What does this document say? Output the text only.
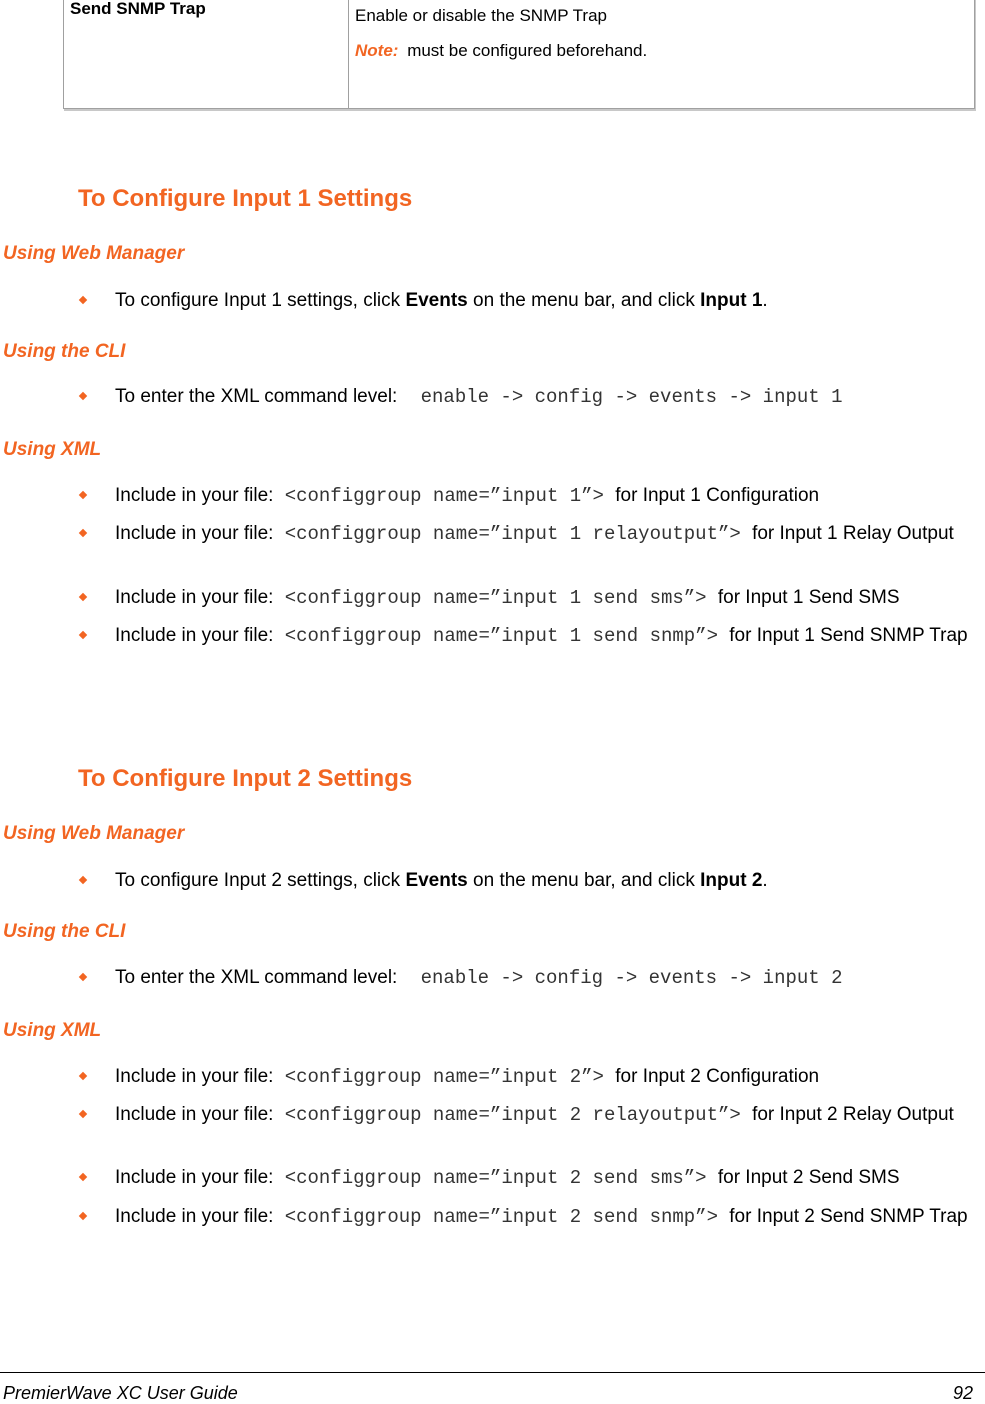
Send SNMP Trap	Enable or disable the SNMP Trap
Note: must be configured beforehand.
To Configure Input 1 Settings
Using Web Manager
To configure Input 1 settings, click Events on the menu bar, and click Input 1.
Using the CLI
To enter the XML command level: enable -> config -> events -> input 1
Using XML
Include in your file: <configgroup name=”input 1”> for Input 1 Configuration
Include in your file: <configgroup name=”input 1 relayoutput”> for Input 1 Relay Output
Include in your file: <configgroup name=”input 1 send sms”> for Input 1 Send SMS
Include in your file: <configgroup name=”input 1 send snmp”> for Input 1 Send SNMP Trap
To Configure Input 2 Settings
Using Web Manager
To configure Input 2 settings, click Events on the menu bar, and click Input 2.
Using the CLI
To enter the XML command level: enable -> config -> events -> input 2
Using XML
Include in your file: <configgroup name=”input 2”> for Input 2 Configuration
Include in your file: <configgroup name=”input 2 relayoutput”> for Input 2 Relay Output
Include in your file: <configgroup name=”input 2 send sms”> for Input 2 Send SMS
Include in your file: <configgroup name=”input 2 send snmp”> for Input 2 Send SNMP Trap
PremierWave XC User Guide	92
